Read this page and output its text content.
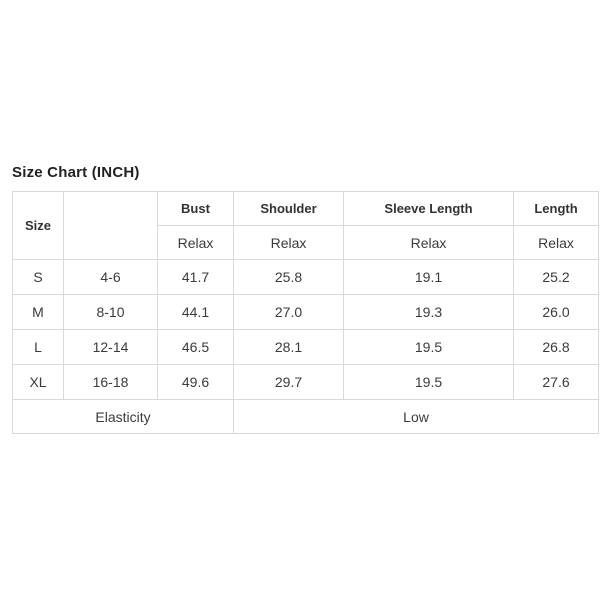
Size Chart (INCH)
Size	US Size	Bust	Shoulder	Sleeve Length	Length
		Relax	Relax	Relax	Relax
S	4-6	41.7	25.8	19.1	25.2
M	8-10	44.1	27.0	19.3	26.0
L	12-14	46.5	28.1	19.5	26.8
XL	16-18	49.6	29.7	19.5	27.6
Elasticity			Low		
